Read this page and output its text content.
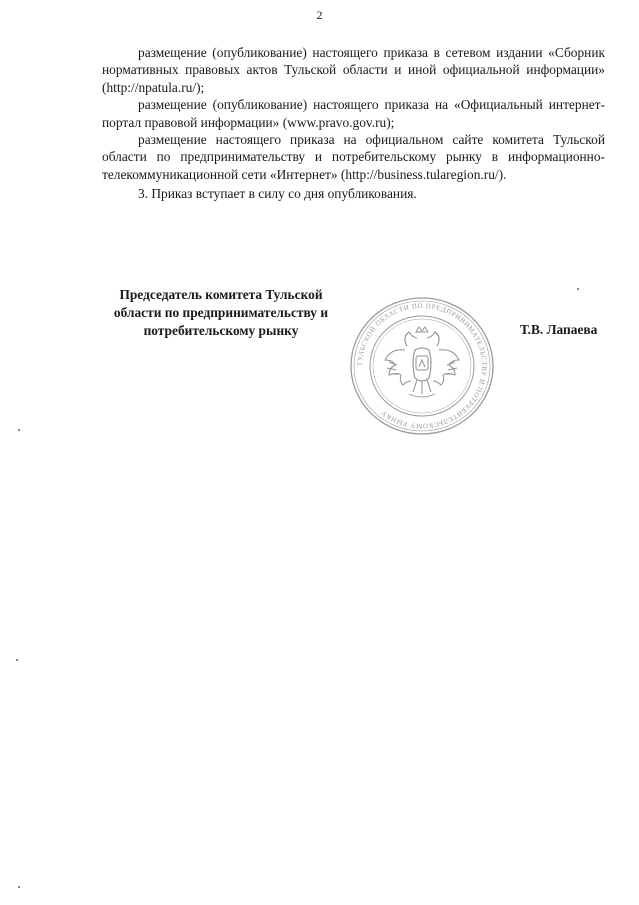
2

размещение (опубликование) настоящего приказа в сетевом издании «Сборник нормативных правовых актов Тульской области и иной официальной информации» (http://npatula.ru/);

размещение (опубликование) настоящего приказа на «Официальный интернет-портал правовой информации» (www.pravo.gov.ru);

размещение настоящего приказа на официальном сайте комитета Тульской области по предпринимательству и потребительскому рынку в информационно-телекоммуникационной сети «Интернет» (http://business.tularegion.ru/).

3. Приказ вступает в силу со дня опубликования.

Председатель комитета Тульской
области по предпринимательству и
потребительскому рынку	Т.В. Лапаева
ТУЛЬСКОЙ ОБЛАСТИ ПО ПРЕДПРИНИМАТЕЛЬСТВУ И ПОТРЕБИТЕЛЬСКОМУ РЫНКУ
